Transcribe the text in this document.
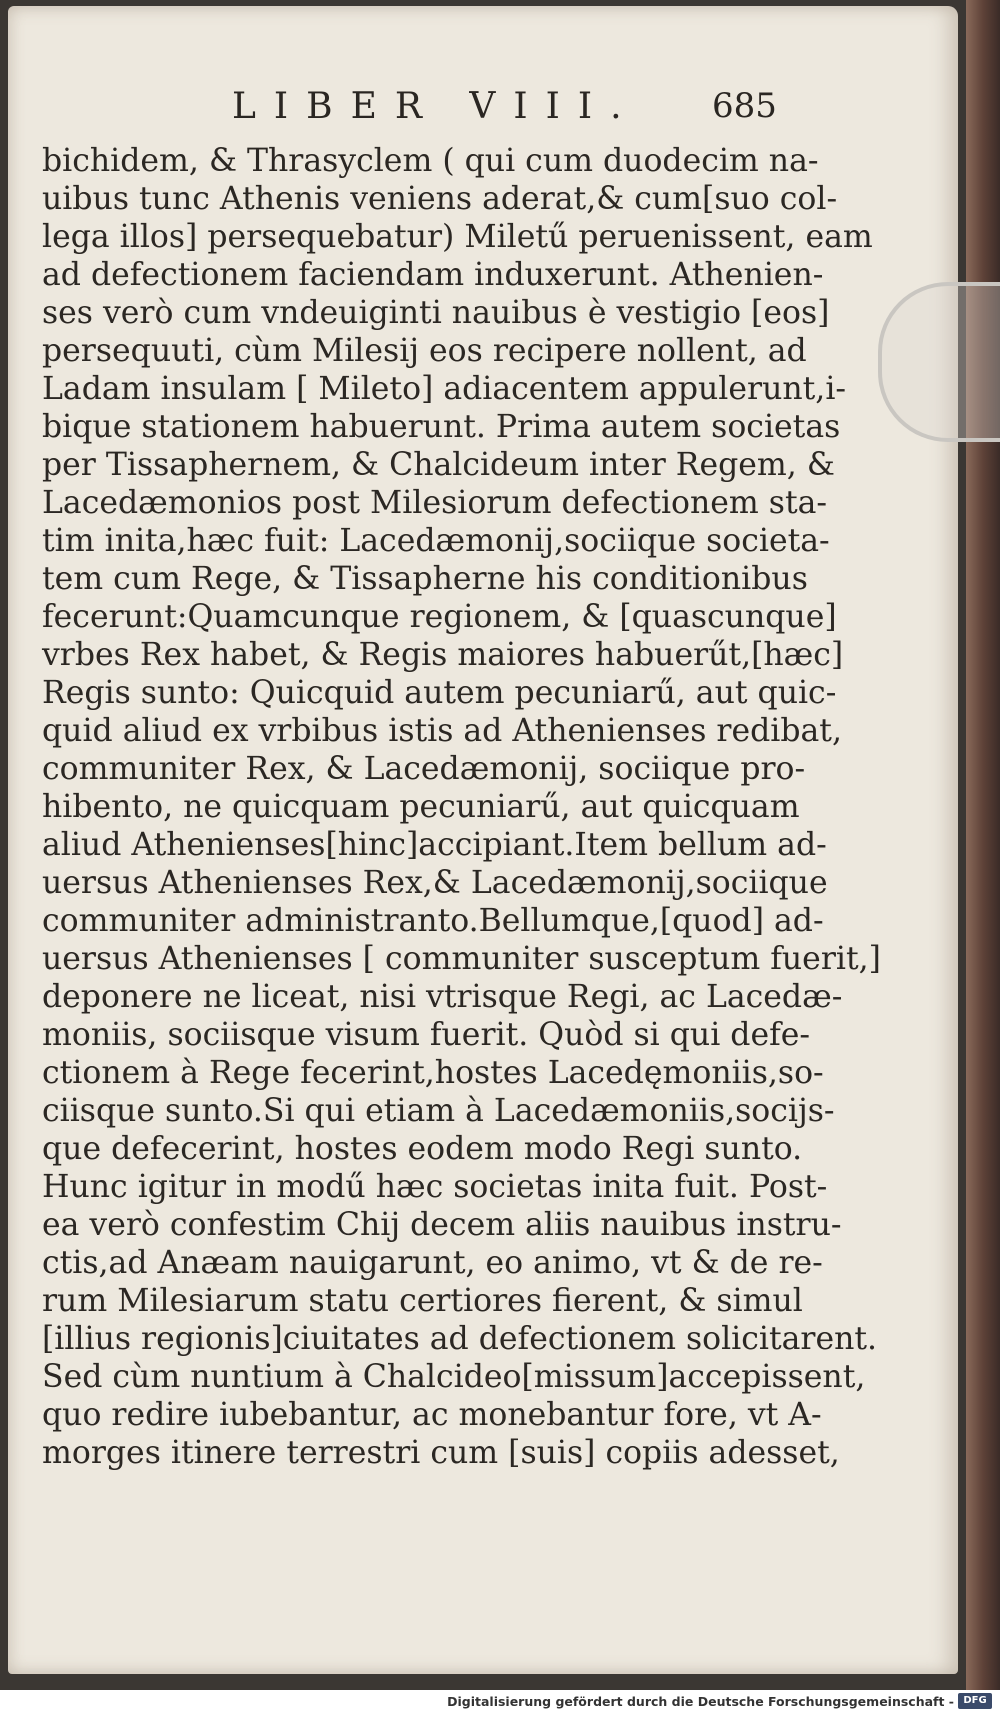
LIBER VIII. 685
bichidem, & Thrasyclem ( qui cum duodecim na-
uibus tunc Athenis veniens aderat,& cum[suo col-
lega illos] persequebatur) Miletű peruenissent, eam
ad defectionem faciendam induxerunt. Athenien-
ses verò cum vndeuiginti nauibus è vestigio [eos]
persequuti, cùm Milesij eos recipere nollent, ad
Ladam insulam [ Mileto] adiacentem appulerunt,i-
bique stationem habuerunt. Prima autem societas
per Tissaphernem, & Chalcideum inter Regem, &
Lacedæmonios post Milesiorum defectionem sta-
tim inita,hæc fuit: Lacedæmonij,sociique societa-
tem cum Rege, & Tissapherne his conditionibus
fecerunt:Quamcunque regionem, & [quascunque]
vrbes Rex habet, & Regis maiores habuerűt,[hæc]
Regis sunto: Quicquid autem pecuniarű, aut quic-
quid aliud ex vrbibus istis ad Athenienses redibat,
communiter Rex, & Lacedæmonij, sociique pro-
hibento, ne quicquam pecuniarű, aut quicquam
aliud Athenienses[hinc]accipiant.Item bellum ad-
uersus Athenienses Rex,& Lacedæmonij,sociique
communiter administranto.Bellumque,[quod] ad-
uersus Athenienses [ communiter susceptum fuerit,]
deponere ne liceat, nisi vtrisque Regi, ac Lacedæ-
moniis, sociisque visum fuerit. Quòd si qui defe-
ctionem à Rege fecerint,hostes Lacedęmoniis,so-
ciisque sunto.Si qui etiam à Lacedæmoniis,socijs-
que defecerint, hostes eodem modo Regi sunto.
Hunc igitur in modű hæc societas inita fuit. Post-
ea verò confestim Chij decem aliis nauibus instru-
ctis,ad Anæam nauigarunt, eo animo, vt & de re-
rum Milesiarum statu certiores fierent, & simul
[illius regionis]ciuitates ad defectionem solicitarent.
Sed cùm nuntium à Chalcideo[missum]accepissent,
quo redire iubebantur, ac monebantur fore, vt A-
morges itinere terrestri cum [suis] copiis adesset,
Digitalisierung gefördert durch die Deutsche Forschungsgemeinschaft - DFG
